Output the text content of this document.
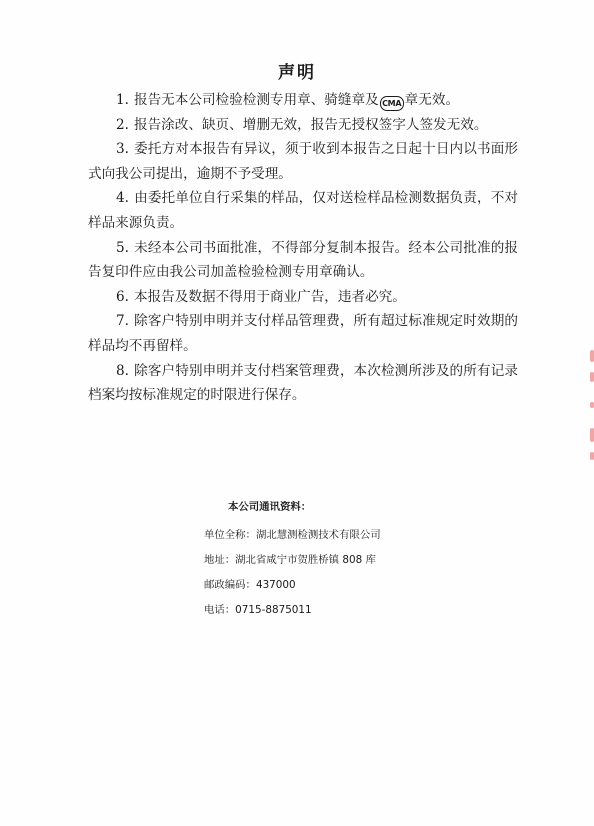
声明

1. 报告无本公司检验检测专用章、骑缝章及 CMA 章无效。

2. 报告涂改、缺页、增删无效，报告无授权签字人签发无效。

3. 委托方对本报告有异议，须于收到本报告之日起十日内以书面形式向我公司提出，逾期不予受理。

4. 由委托单位自行采集的样品，仅对送检样品检测数据负责，不对样品来源负责。

5. 未经本公司书面批准，不得部分复制本报告。经本公司批准的报告复印件应由我公司加盖检验检测专用章确认。

6. 本报告及数据不得用于商业广告，违者必究。

7. 除客户特别申明并支付样品管理费，所有超过标准规定时效期的样品均不再留样。

8. 除客户特别申明并支付档案管理费，本次检测所涉及的所有记录档案均按标准规定的时限进行保存。

本公司通讯资料：
单位全称：湖北慧测检测技术有限公司
地址：湖北省咸宁市贺胜桥镇 808 库
邮政编码：437000
电话：0715-8875011
